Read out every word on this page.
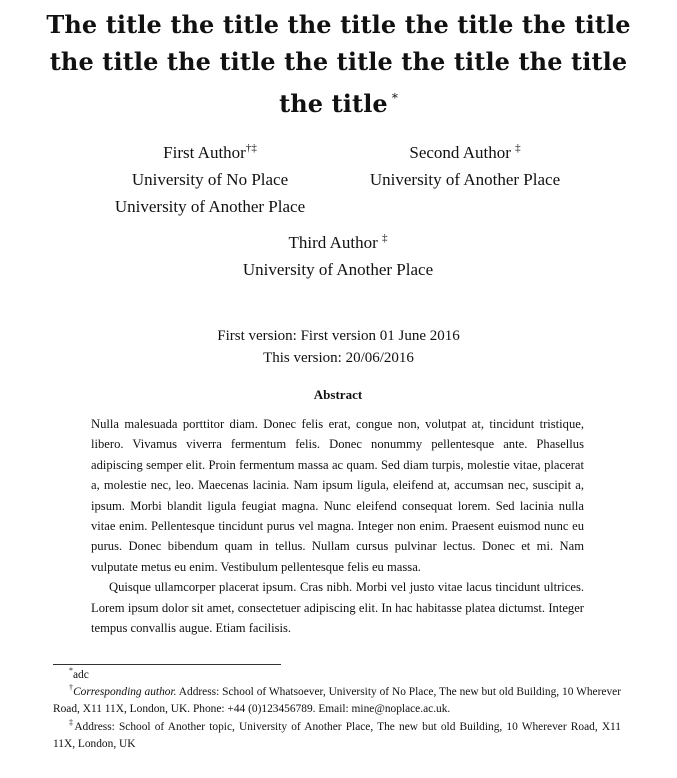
The title the title the title the title the title the title the title the title the title the title the title *
First Author†‡
University of No Place
University of Another Place
Second Author ‡
University of Another Place
Third Author ‡
University of Another Place
First version: First version 01 June 2016
This version: 20/06/2016
Abstract

Nulla malesuada porttitor diam. Donec felis erat, congue non, volutpat at, tincidunt tristique, libero. Vivamus viverra fermentum felis. Donec nonummy pellentesque ante. Phasellus adipiscing semper elit. Proin fermentum massa ac quam. Sed diam turpis, molestie vitae, placerat a, molestie nec, leo. Maecenas lacinia. Nam ipsum ligula, eleifend at, accumsan nec, suscipit a, ipsum. Morbi blandit ligula feugiat magna. Nunc eleifend consequat lorem. Sed lacinia nulla vitae enim. Pellentesque tincidunt purus vel magna. Integer non enim. Praesent euismod nunc eu purus. Donec bibendum quam in tellus. Nullam cursus pulvinar lectus. Donec et mi. Nam vulputate metus eu enim. Vestibulum pellentesque felis eu massa.

Quisque ullamcorper placerat ipsum. Cras nibh. Morbi vel justo vitae lacus tincidunt ultrices. Lorem ipsum dolor sit amet, consectetuer adipiscing elit. In hac habitasse platea dictumst. Integer tempus convallis augue. Etiam facilisis.

*adc

†Corresponding author. Address: School of Whatsoever, University of No Place, The new but old Building, 10 Wherever Road, X11 11X, London, UK. Phone: +44 (0)123456789. Email: mine@noplace.ac.uk.

‡Address: School of Another topic, University of Another Place, The new but old Building, 10 Wherever Road, X11 11X, London, UK
